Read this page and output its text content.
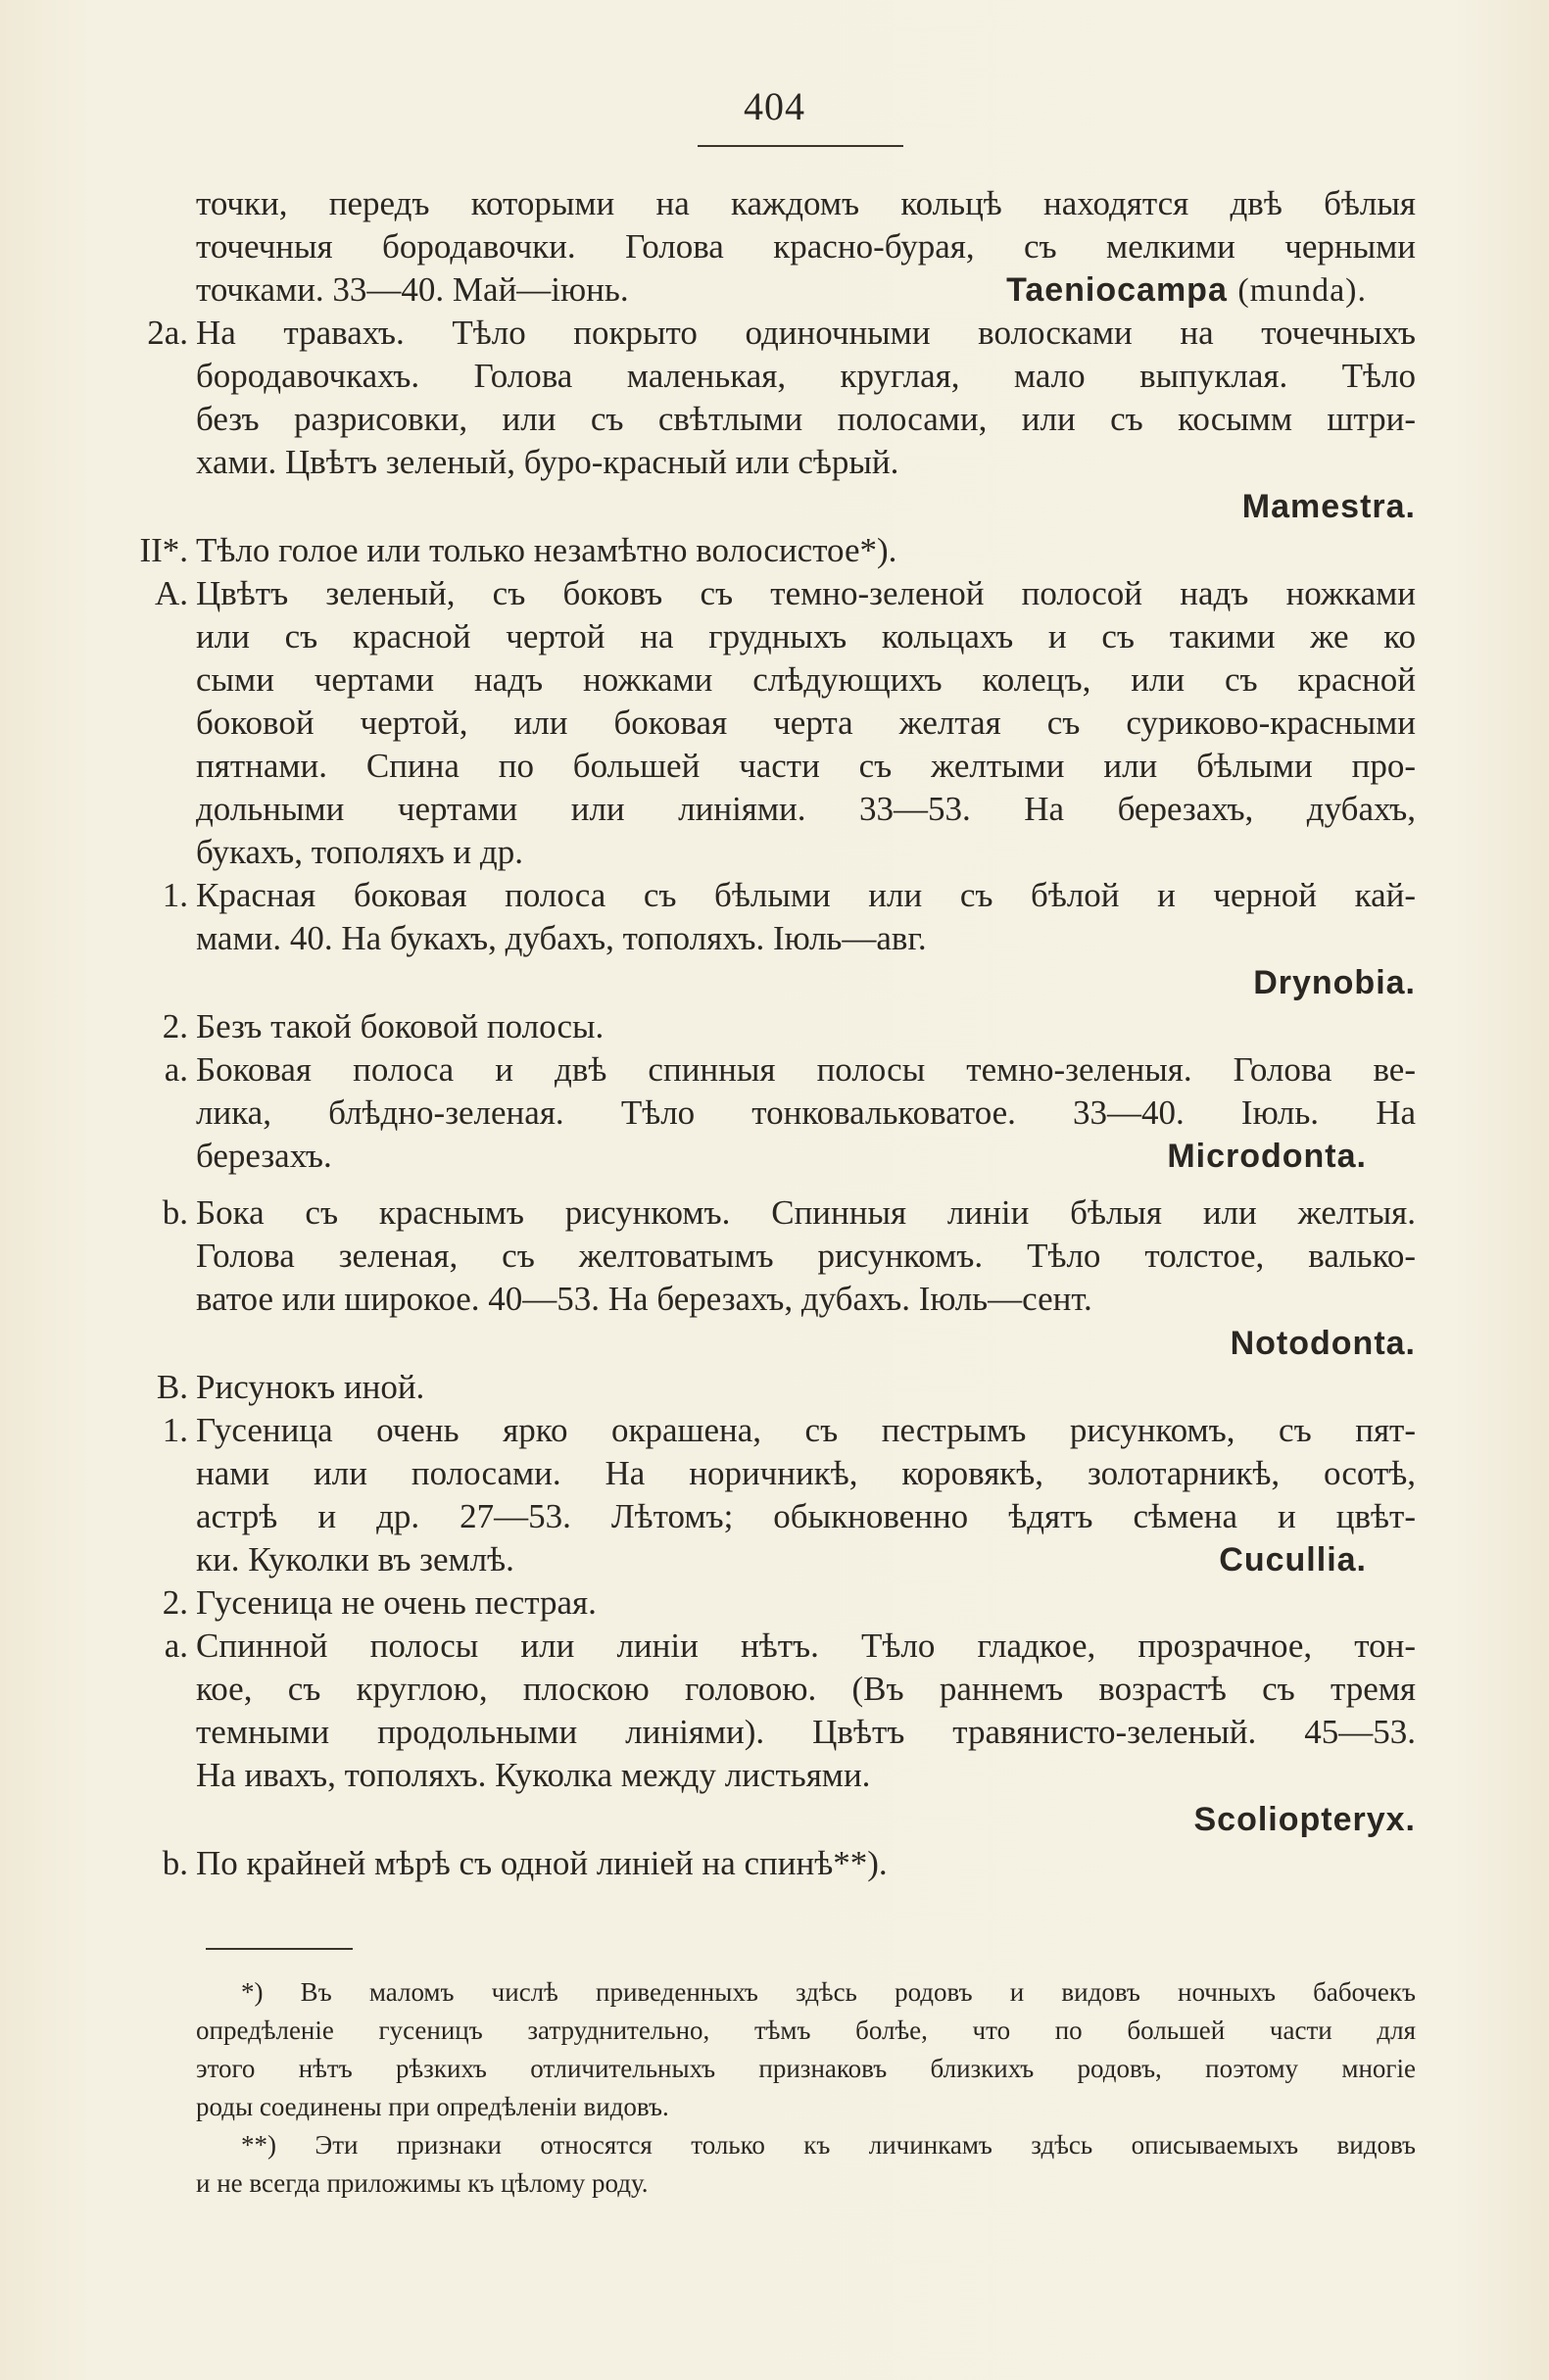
404
точки, передъ которыми на каждомъ кольцѣ находятся двѣ бѣлыя
точечныя бородавочки. Голова красно-бурая, съ мелкими черными
точками. 33—40. Май—iюнь.	Taeniocampa (munda).
2a. На травахъ. Тѣло покрыто одиночными волосками на точечныхъ
бородавочкахъ. Голова маленькая, круглая, мало выпуклая. Тѣло
безъ разрисовки, или съ свѣтлыми полосами, или съ косымм штри-
хами. Цвѣтъ зеленый, буро-красный или сѣрый.
Mamestra.
II*. Тѣло голое или только незамѣтно волосистое*).
A. Цвѣтъ зеленый, съ боковъ съ темно-зеленой полосой надъ ножками
или съ красной чертой на грудныхъ кольцахъ и съ такими же ко
сыми чертами надъ ножками слѣдующихъ колецъ, или съ красной
боковой чертой, или боковая черта желтая съ суриково-красными
пятнами. Спина по большей части съ желтыми или бѣлыми про-
дольными чертами или линiями. 33—53. На березахъ, дубахъ,
букахъ, тополяхъ и др.
1. Красная боковая полоса съ бѣлыми или съ бѣлой и черной кай-
мами. 40. На букахъ, дубахъ, тополяхъ. Iюль—авг.
Drynobia.
2. Безъ такой боковой полосы.
a. Боковая полоса и двѣ спинныя полосы темно-зеленыя. Голова ве-
лика, блѣдно-зеленая. Тѣло тонковальковатое. 33—40. Iюль. На
березахъ.	Microdonta.
b. Бока съ краснымъ рисункомъ. Спинныя линiи бѣлыя или желтыя.
Голова зеленая, съ желтоватымъ рисункомъ. Тѣло толстое, валько-
ватое или широкое. 40—53. На березахъ, дубахъ. Iюль—сент.
Notodonta.
B. Рисунокъ иной.
1. Гусеница очень ярко окрашена, съ пестрымъ рисункомъ, съ пят-
нами или полосами. На норичникѣ, коровякѣ, золотарникѣ, осотѣ,
астрѣ и др. 27—53. Лѣтомъ; обыкновенно ѣдятъ сѣмена и цвѣт-
ки. Куколки въ землѣ.	Cucullia.
2. Гусеница не очень пестрая.
a. Спинной полосы или линiи нѣтъ. Тѣло гладкое, прозрачное, тон-
кое, съ круглою, плоскою головою. (Въ раннемъ возрастѣ съ тремя
темными продольными линiями). Цвѣтъ травянисто-зеленый. 45—53.
На ивахъ, тополяхъ. Куколка между листьями.
Scoliopteryx.
b. По крайней мѣрѣ съ одной линiей на спинѣ**).
*) Въ маломъ числѣ приведенныхъ здѣсь родовъ и видовъ ночныхъ бабочекъ
опредѣленiе гусеницъ затруднительно, тѣмъ болѣе, что по большей части для
этого нѣтъ рѣзкихъ отличительныхъ признаковъ близкихъ родовъ, поэтому многiе
роды соединены при опредѣленiи видовъ.
**) Эти признаки относятся только къ личинкамъ здѣсь описываемыхъ видовъ
и не всегда приложимы къ цѣлому роду.
